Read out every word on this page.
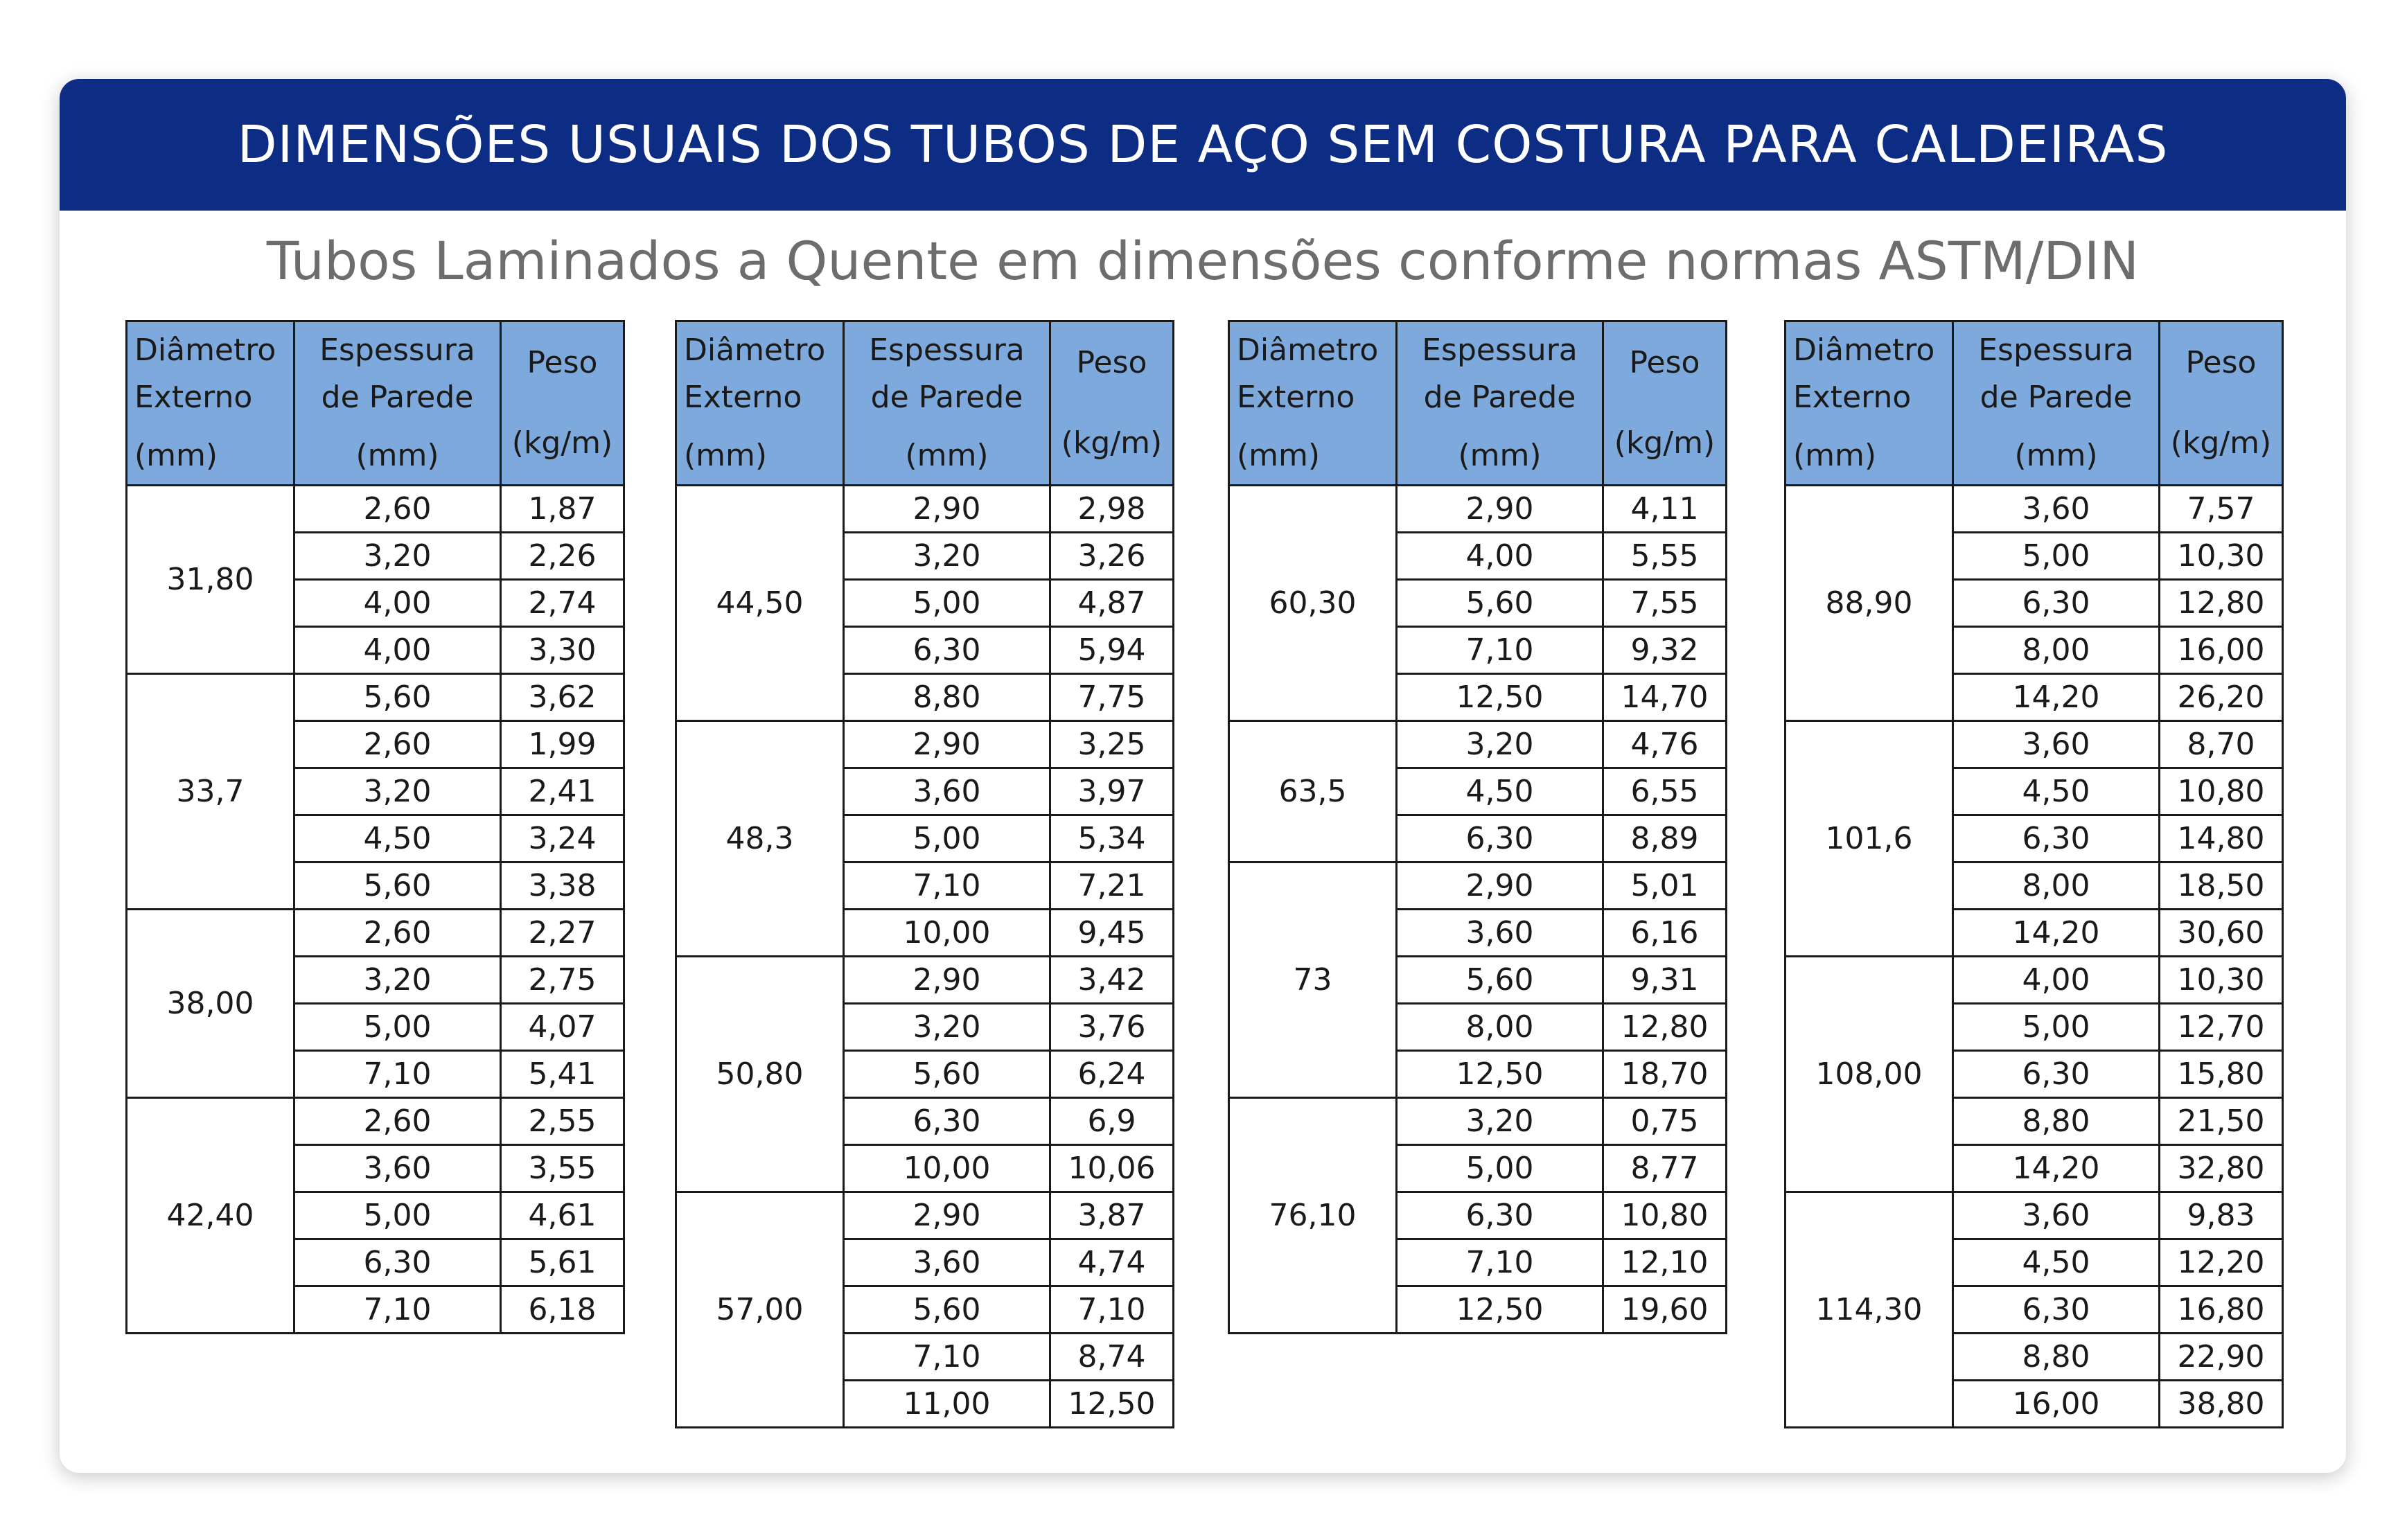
DIMENSÕES USUAIS DOS TUBOS DE AÇO SEM COSTURA PARA CALDEIRAS
Tubos Laminados a Quente em dimensões conforme normas ASTM/DIN
Diâmetro
Externo
(mm)	Espessura
de Parede
(mm)	Peso
(kg/m)

31,80	2,60	1,87
	3,20	2,26
	4,00	2,74
	4,00	3,30
33,7	5,60	3,62
	2,60	1,99
	3,20	2,41
	4,50	3,24
	5,60	3,38
38,00	2,60	2,27
	3,20	2,75
	5,00	4,07
	7,10	5,41
42,40	2,60	2,55
	3,60	3,55
	5,00	4,61
	6,30	5,61
	7,10	6,18
Diâmetro
Externo
(mm)	Espessura
de Parede
(mm)	Peso
(kg/m)

44,50	2,90	2,98
	3,20	3,26
	5,00	4,87
	6,30	5,94
	8,80	7,75
48,3	2,90	3,25
	3,60	3,97
	5,00	5,34
	7,10	7,21
	10,00	9,45
50,80	2,90	3,42
	3,20	3,76
	5,60	6,24
	6,30	6,9
	10,00	10,06
57,00	2,90	3,87
	3,60	4,74
	5,60	7,10
	7,10	8,74
	11,00	12,50
Diâmetro
Externo
(mm)	Espessura
de Parede
(mm)	Peso
(kg/m)

60,30	2,90	4,11
	4,00	5,55
	5,60	7,55
	7,10	9,32
	12,50	14,70
63,5	3,20	4,76
	4,50	6,55
	6,30	8,89
73	2,90	5,01
	3,60	6,16
	5,60	9,31
	8,00	12,80
	12,50	18,70
76,10	3,20	0,75
	5,00	8,77
	6,30	10,80
	7,10	12,10
	12,50	19,60
Diâmetro
Externo
(mm)	Espessura
de Parede
(mm)	Peso
(kg/m)

88,90	3,60	7,57
	5,00	10,30
	6,30	12,80
	8,00	16,00
	14,20	26,20
101,6	3,60	8,70
	4,50	10,80
	6,30	14,80
	8,00	18,50
	14,20	30,60
108,00	4,00	10,30
	5,00	12,70
	6,30	15,80
	8,80	21,50
	14,20	32,80
114,30	3,60	9,83
	4,50	12,20
	6,30	16,80
	8,80	22,90
	16,00	38,80
